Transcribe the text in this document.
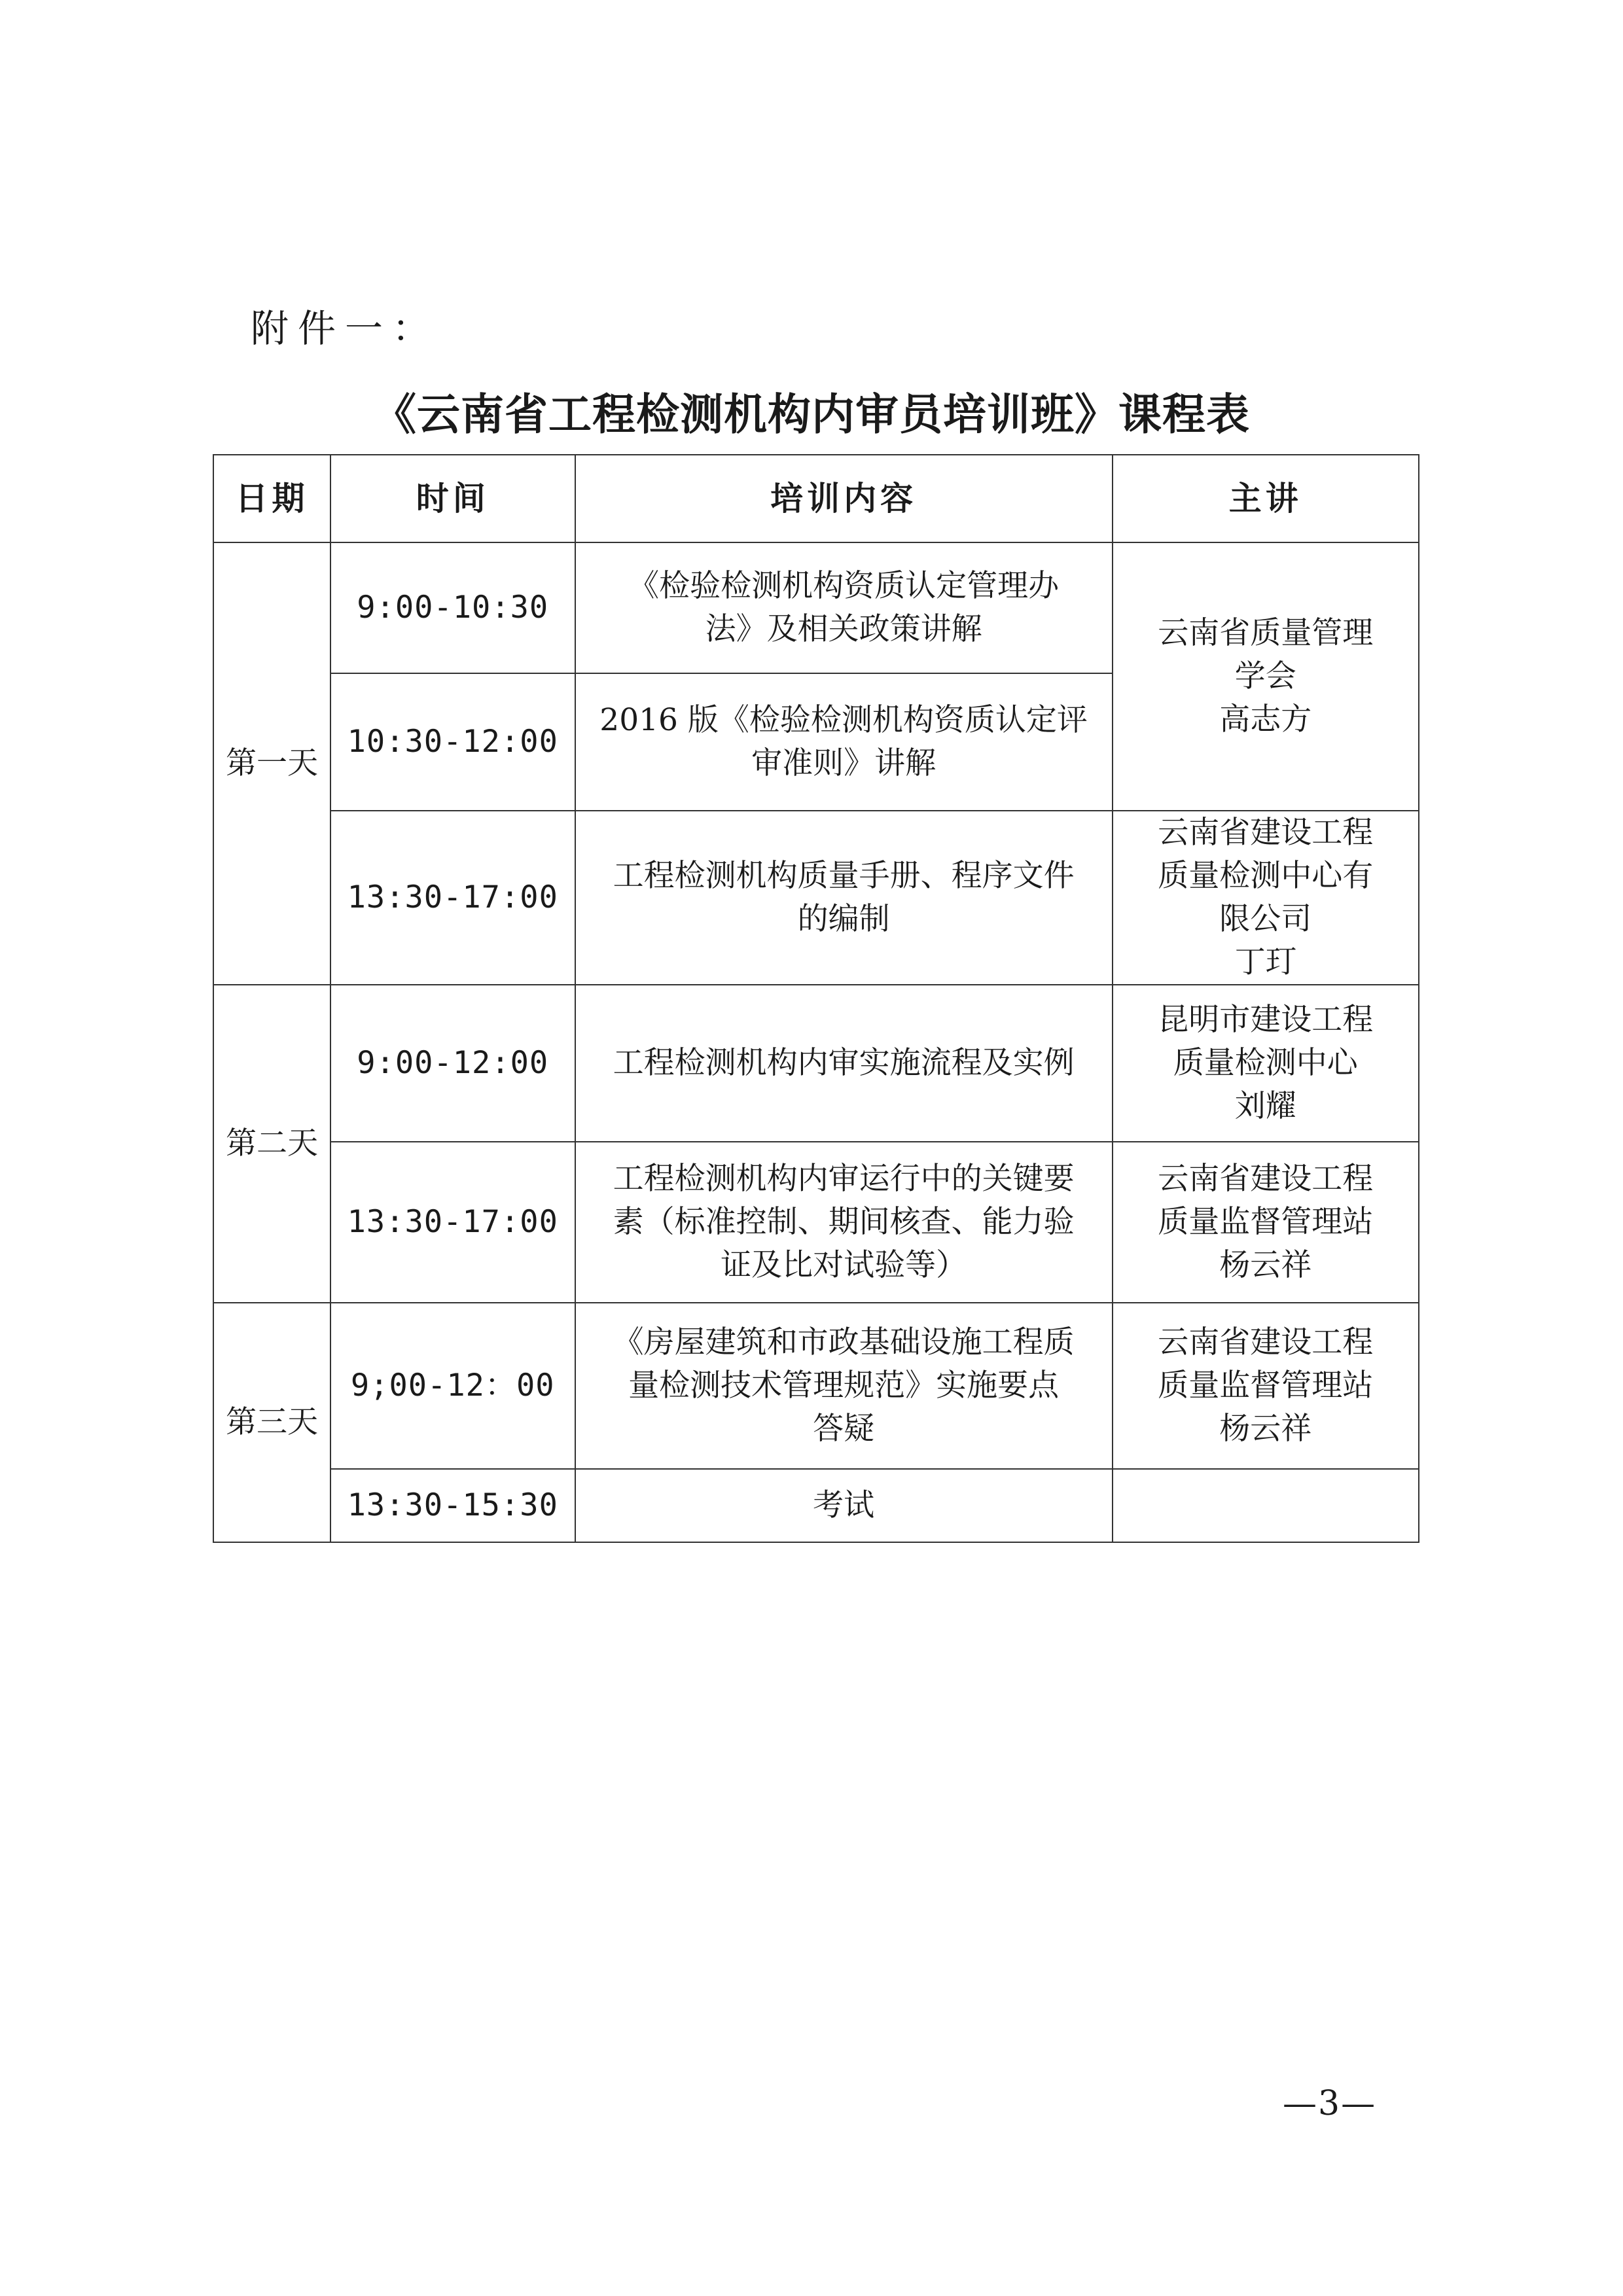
附件一：
《云南省工程检测机构内审员培训班》课程表
日期	时间	培训内容	主讲
第一天	9:00-10:30	《检验检测机构资质认定管理办
法》及相关政策讲解	云南省质量管理
学会
高志方

	10:30-12:00	2016 版《检验检测机构资质认定评
审准则》讲解	

	13:30-17:00	工程检测机构质量手册、程序文件
的编制	云南省建设工程
质量检测中心有
限公司
丁玎

第二天	9:00-12:00	工程检测机构内审实施流程及实例	昆明市建设工程
质量检测中心
刘耀

	13:30-17:00	工程检测机构内审运行中的关键要
素（标准控制、期间核查、能力验
证及比对试验等）	云南省建设工程
质量监督管理站
杨云祥

第三天	9;00-12：00	《房屋建筑和市政基础设施工程质
量检测技术管理规范》实施要点
答疑	云南省建设工程
质量监督管理站
杨云祥

	13:30-15:30	考试	

—3—
